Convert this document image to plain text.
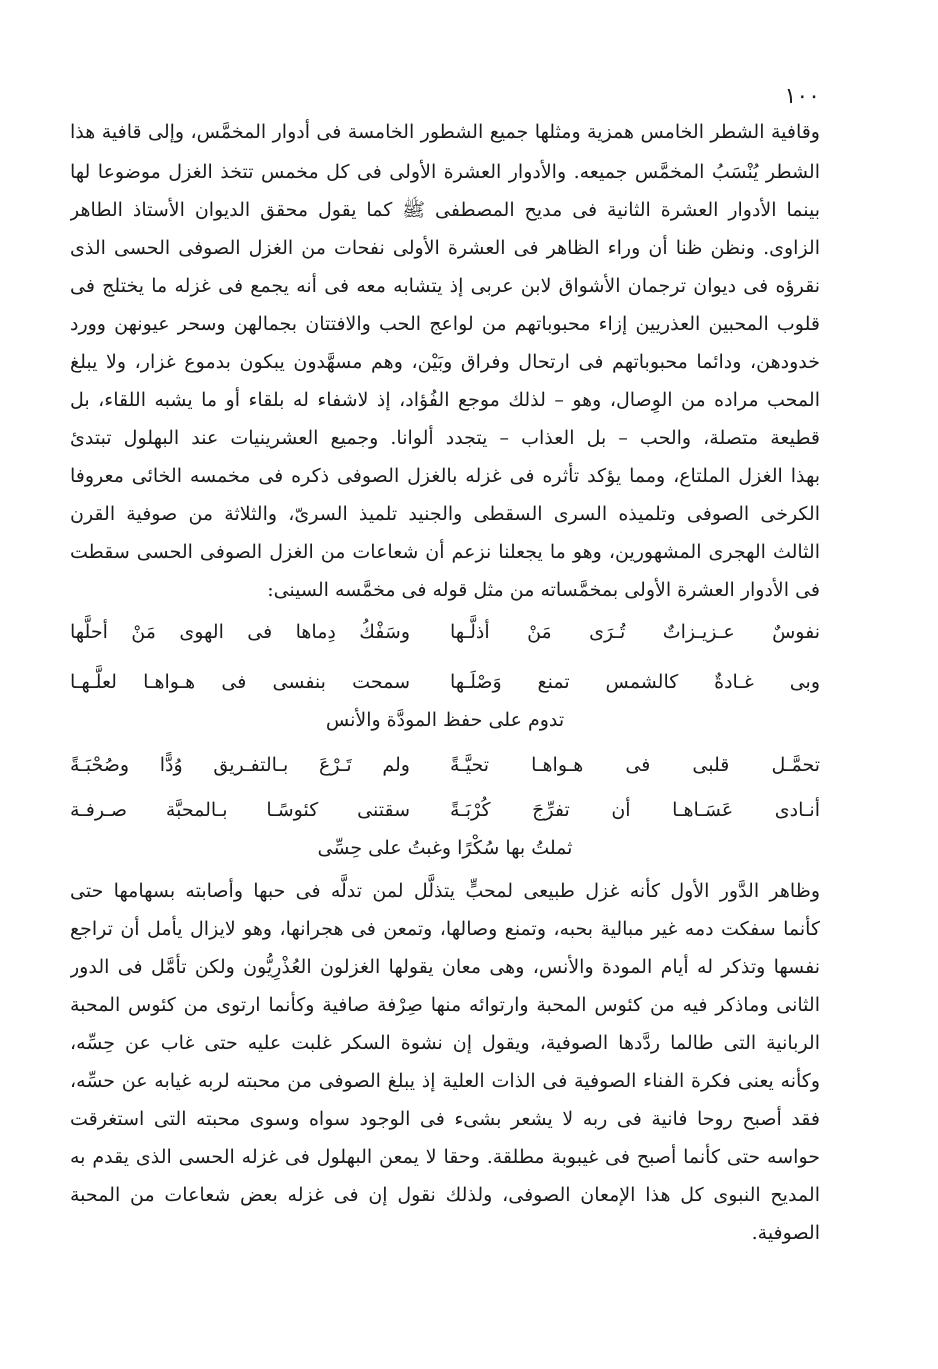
١٠٠
وقافية الشطر الخامس همزية ومثلها جميع الشطور الخامسة فى أدوار المخمَّس، وإلى قافية هذا
الشطر يُنْسَبُ المخمَّس جميعه. والأدوار العشرة الأولى فى كل مخمس تتخذ الغزل موضوعا لها
بينما الأدوار العشرة الثانية فى مديح المصطفى ﷺ كما يقول محقق الديوان الأستاذ الطاهر
الزاوى. ونظن ظنا أن وراء الظاهر فى العشرة الأولى نفحات من الغزل الصوفى الحسى الذى
نقرؤه فى ديوان ترجمان الأشواق لابن عربى إذ يتشابه معه فى أنه يجمع فى غزله ما يختلج فى
قلوب المحبين العذريين إزاء محبوباتهم من لواعج الحب والافتتان بجمالهن وسحر عيونهن وورد
خدودهن، ودائما محبوباتهم فى ارتحال وفراق وبَيْن، وهم مسهَّدون يبكون بدموع غزار، ولا يبلغ
المحب مراده من الوِصال، وهو – لذلك موجع الفُؤاد، إذ لاشفاء له بلقاء أو ما يشبه اللقاء، بل
قطيعة متصلة، والحب – بل العذاب – يتجدد ألوانا. وجميع العشرينيات عند البهلول تبتدئ
بهذا الغزل الملتاع، ومما يؤكد تأثره فى غزله بالغزل الصوفى ذكره فى مخمسه الخائى معروفا
الكرخى الصوفى وتلميذه السرى السقطى والجنيد تلميذ السرىّ، والثلاثة من صوفية القرن
الثالث الهجرى المشهورين، وهو ما يجعلنا نزعم أن شعاعات من الغزل الصوفى الحسى سقطت
فى الأدوار العشرة الأولى بمخمَّساته من مثل قوله فى مخمَّسه السينى:
نفوسٌ عـزيـزاتٌ تُـرَى مَنْ أذلَّـها
وسَفْكُ دِماها فى الهوى مَنْ أحلَّها
وبى غـادةٌ كالشمس تمنع وَصْلَـها
سمحت بنفسى فى هـواهـا لعلَّـهـا
تدوم على حفظ المودَّة والأنس
تحمَّـل قلبى فى هـواهـا تحيَّـةً
ولم تَـرْعَ بـالتفـريق وُدًّا وصُحْبَـةً
أنـادى عَسَـاهـا أن تفرِّجَ كُرْبَـةً
سقتنى كئوسًـا بـالمحبَّة صـرفـة
ثملتُ بها سُكْرًا وغبتُ على حِسِّى
وظاهر الدَّور الأول كأنه غزل طبيعى لمحبٍّ يتذلَّل لمن تدلَّه فى حبها وأصابته بسهامها حتى
كأنما سفكت دمه غير مبالية بحبه، وتمنع وصالها، وتمعن فى هجرانها، وهو لايزال يأمل أن تراجع
نفسها وتذكر له أيام المودة والأنس، وهى معان يقولها الغزلون العُذْرِيُّون ولكن تأمَّل فى الدور
الثانى وماذكر فيه من كئوس المحبة وارتوائه منها صِرْفة صافية وكأنما ارتوى من كئوس المحبة
الربانية التى طالما ردَّدها الصوفية، ويقول إن نشوة السكر غلبت عليه حتى غاب عن حِسِّه،
وكأنه يعنى فكرة الفناء الصوفية فى الذات العلية إذ يبلغ الصوفى من محبته لربه غيابه عن حسِّه،
فقد أصبح روحا فانية فى ربه لا يشعر بشىء فى الوجود سواه وسوى محبته التى استغرقت
حواسه حتى كأنما أصبح فى غيبوبة مطلقة. وحقا لا يمعن البهلول فى غزله الحسى الذى يقدم به
المديح النبوى كل هذا الإمعان الصوفى، ولذلك نقول إن فى غزله بعض شعاعات من المحبة
الصوفية.
